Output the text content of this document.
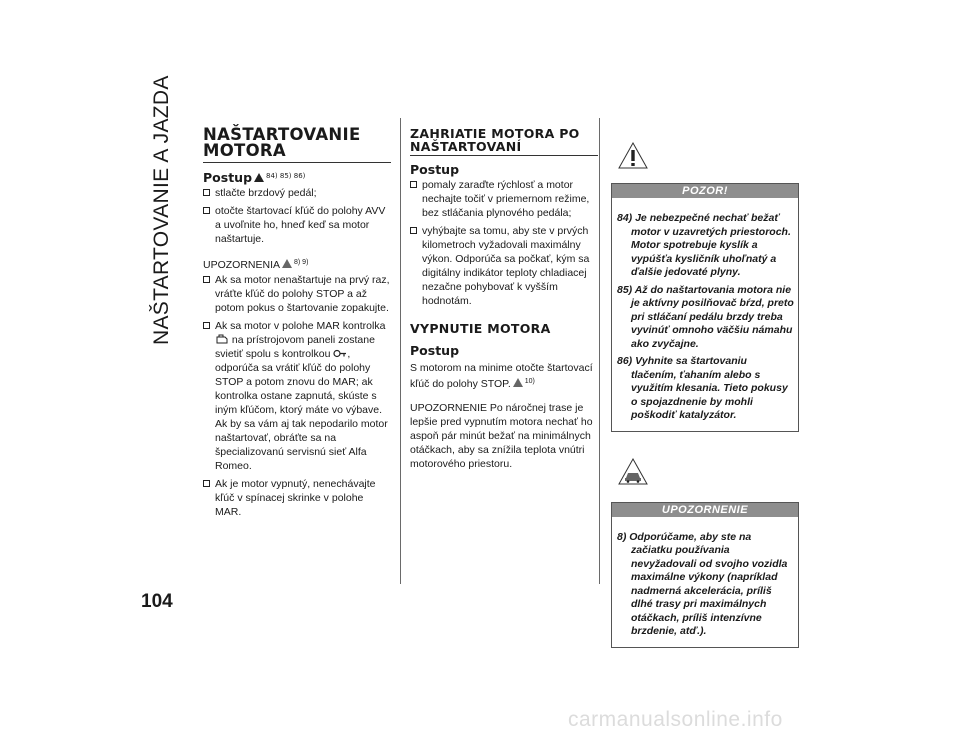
NAŠTARTOVANIE A JAZDA
104
NAŠTARTOVANIE MOTORA
Postup $^{84) 85) 86)}$
stlačte brzdový pedál;
otočte štartovací kľúč do polohy AVV a uvoľnite ho, hneď keď sa motor naštartuje.

UPOZORNENIA $^{8) 9)}$

Ak sa motor nenaštartuje na prvý raz, vráťte kľúč do polohy STOP a až potom pokus o štartovanie zopakujte.
Ak sa motor v polohe MAR kontrolka  na prístrojovom paneli zostane svietiť spolu s kontrolkou , odporúča sa vrátiť kľúč do polohy STOP a potom znovu do MAR; ak kontrolka ostane zapnutá, skúste s iným kľúčom, ktorý máte vo výbave. Ak by sa vám aj tak nepodarilo motor naštartovať, obráťte sa na špecializovanú servisnú sieť Alfa Romeo.
Ak je motor vypnutý, nenechávajte kľúč v spínacej skrinke v polohe MAR.
ZAHRIATIE MOTORA PO NAŠTARTOVANÍ
Postup
pomaly zaraďte rýchlosť a motor nechajte točiť v priemernom režime, bez stláčania plynového pedála;
vyhýbajte sa tomu, aby ste v prvých kilometroch vyžadovali maximálny výkon. Odporúča sa počkať, kým sa digitálny indikátor teploty chladiacej nezačne pohybovať k vyšším hodnotám.
VYPNUTIE MOTORA
Postup

S motorom na minime otočte štartovací kľúč do polohy STOP. $^{10)}$

UPOZORNENIE Po náročnej trase je lepšie pred vypnutím motora nechať ho aspoň pár minút bežať na minimálnych otáčkach, aby sa znížila teplota vnútri motorového priestoru.

POZOR!

84) Je nebezpečné nechať bežať motor v uzavretých priestoroch. Motor spotrebuje kyslík a vypúšťa kysličník uhoľnatý a ďalšie jedovaté plyny.

85) Až do naštartovania motora nie je aktívny posilňovač bŕzd, preto pri stláčaní pedálu brzdy treba vyvinúť omnoho väčšiu námahu ako zvyčajne.

86) Vyhnite sa štartovaniu tlačením, ťahaním alebo s využitím klesania. Tieto pokusy o spojazdnenie by mohli poškodiť katalyzátor.

UPOZORNENIE

8) Odporúčame, aby ste na začiatku používania nevyžadovali od svojho vozidla maximálne výkony (napríklad nadmerná akcelerácia, príliš dlhé trasy pri maximálnych otáčkach, príliš intenzívne brzdenie, atď.).

carmanualsonline.info
